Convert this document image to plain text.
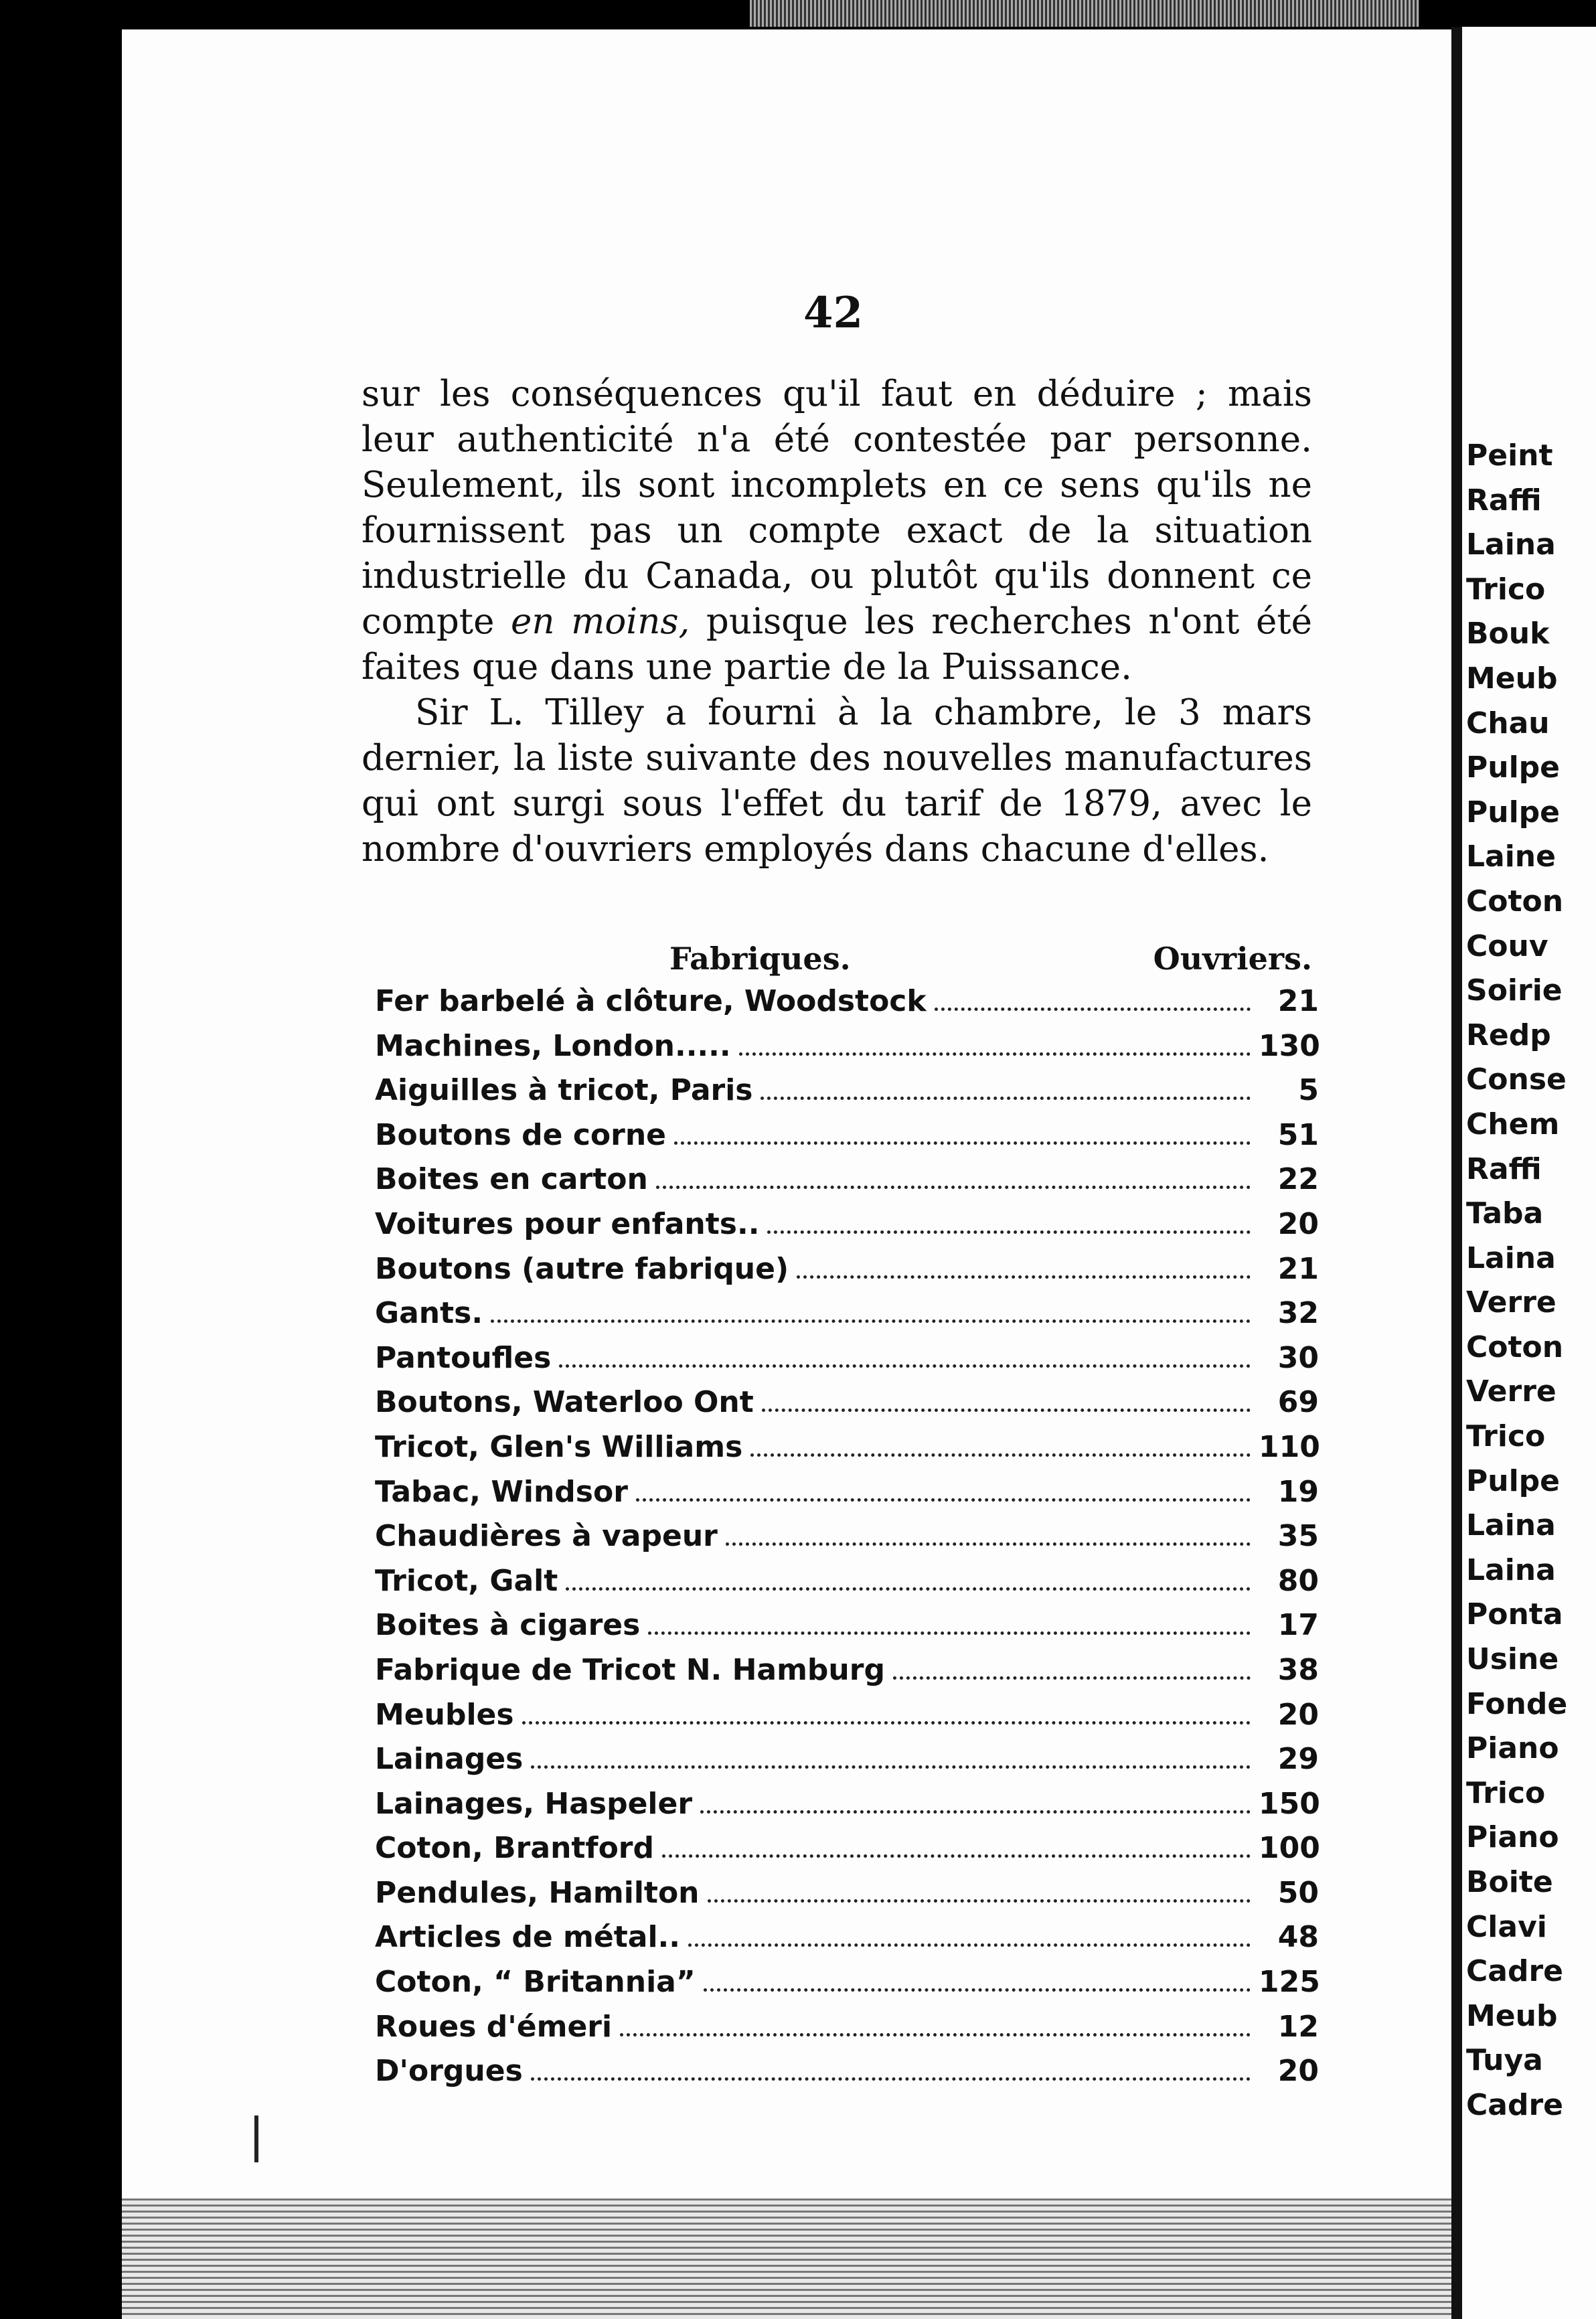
42

sur les conséquences qu'il faut en déduire ; mais leur authenticité n'a été contestée par personne. Seulement, ils sont incomplets en ce sens qu'ils ne fournissent pas un compte exact de la situation industrielle du Canada, ou plutôt qu'ils donnent ce compte en moins, puisque les recherches n'ont été faites que dans une partie de la Puissance.

Sir L. Tilley a fourni à la chambre, le 3 mars dernier, la liste suivante des nouvelles manufactures qui ont surgi sous l'effet du tarif de 1879, avec le nombre d'ouvriers employés dans chacune d'elles.

Fabriques.	Ouvriers.
Fer barbelé à clôture, Woodstock	21
Machines, London.....	130
Aiguilles à tricot, Paris	5
Boutons de corne	51
Boites en carton	22
Voitures pour enfants..	20
Boutons (autre fabrique)	21
Gants.	32
Pantoufles	30
Boutons, Waterloo Ont	69
Tricot, Glen's Williams	110
Tabac, Windsor	19
Chaudières à vapeur	35
Tricot, Galt	80
Boites à cigares	17
Fabrique de Tricot N. Hamburg	38
Meubles	20
Lainages	29
Lainages, Haspeler	150
Coton, Brantford	100
Pendules, Hamilton	50
Articles de métal..	48
Coton, “ Britannia”	125
Roues d'émeri	12
D'orgues	20
Peint
Raffi
Laina
Trico
Bouk
Meub
Chau
Pulpe
Pulpe
Laine
Coton
Couv
Soirie
Redp
Conse
Chem
Raffi
Taba
Laina
Verre
Coton
Verre
Trico
Pulpe
Laina
Laina
Ponta
Usine
Fonde
Piano
Trico
Piano
Boite
Clavi
Cadre
Meub
Tuya
Cadre
